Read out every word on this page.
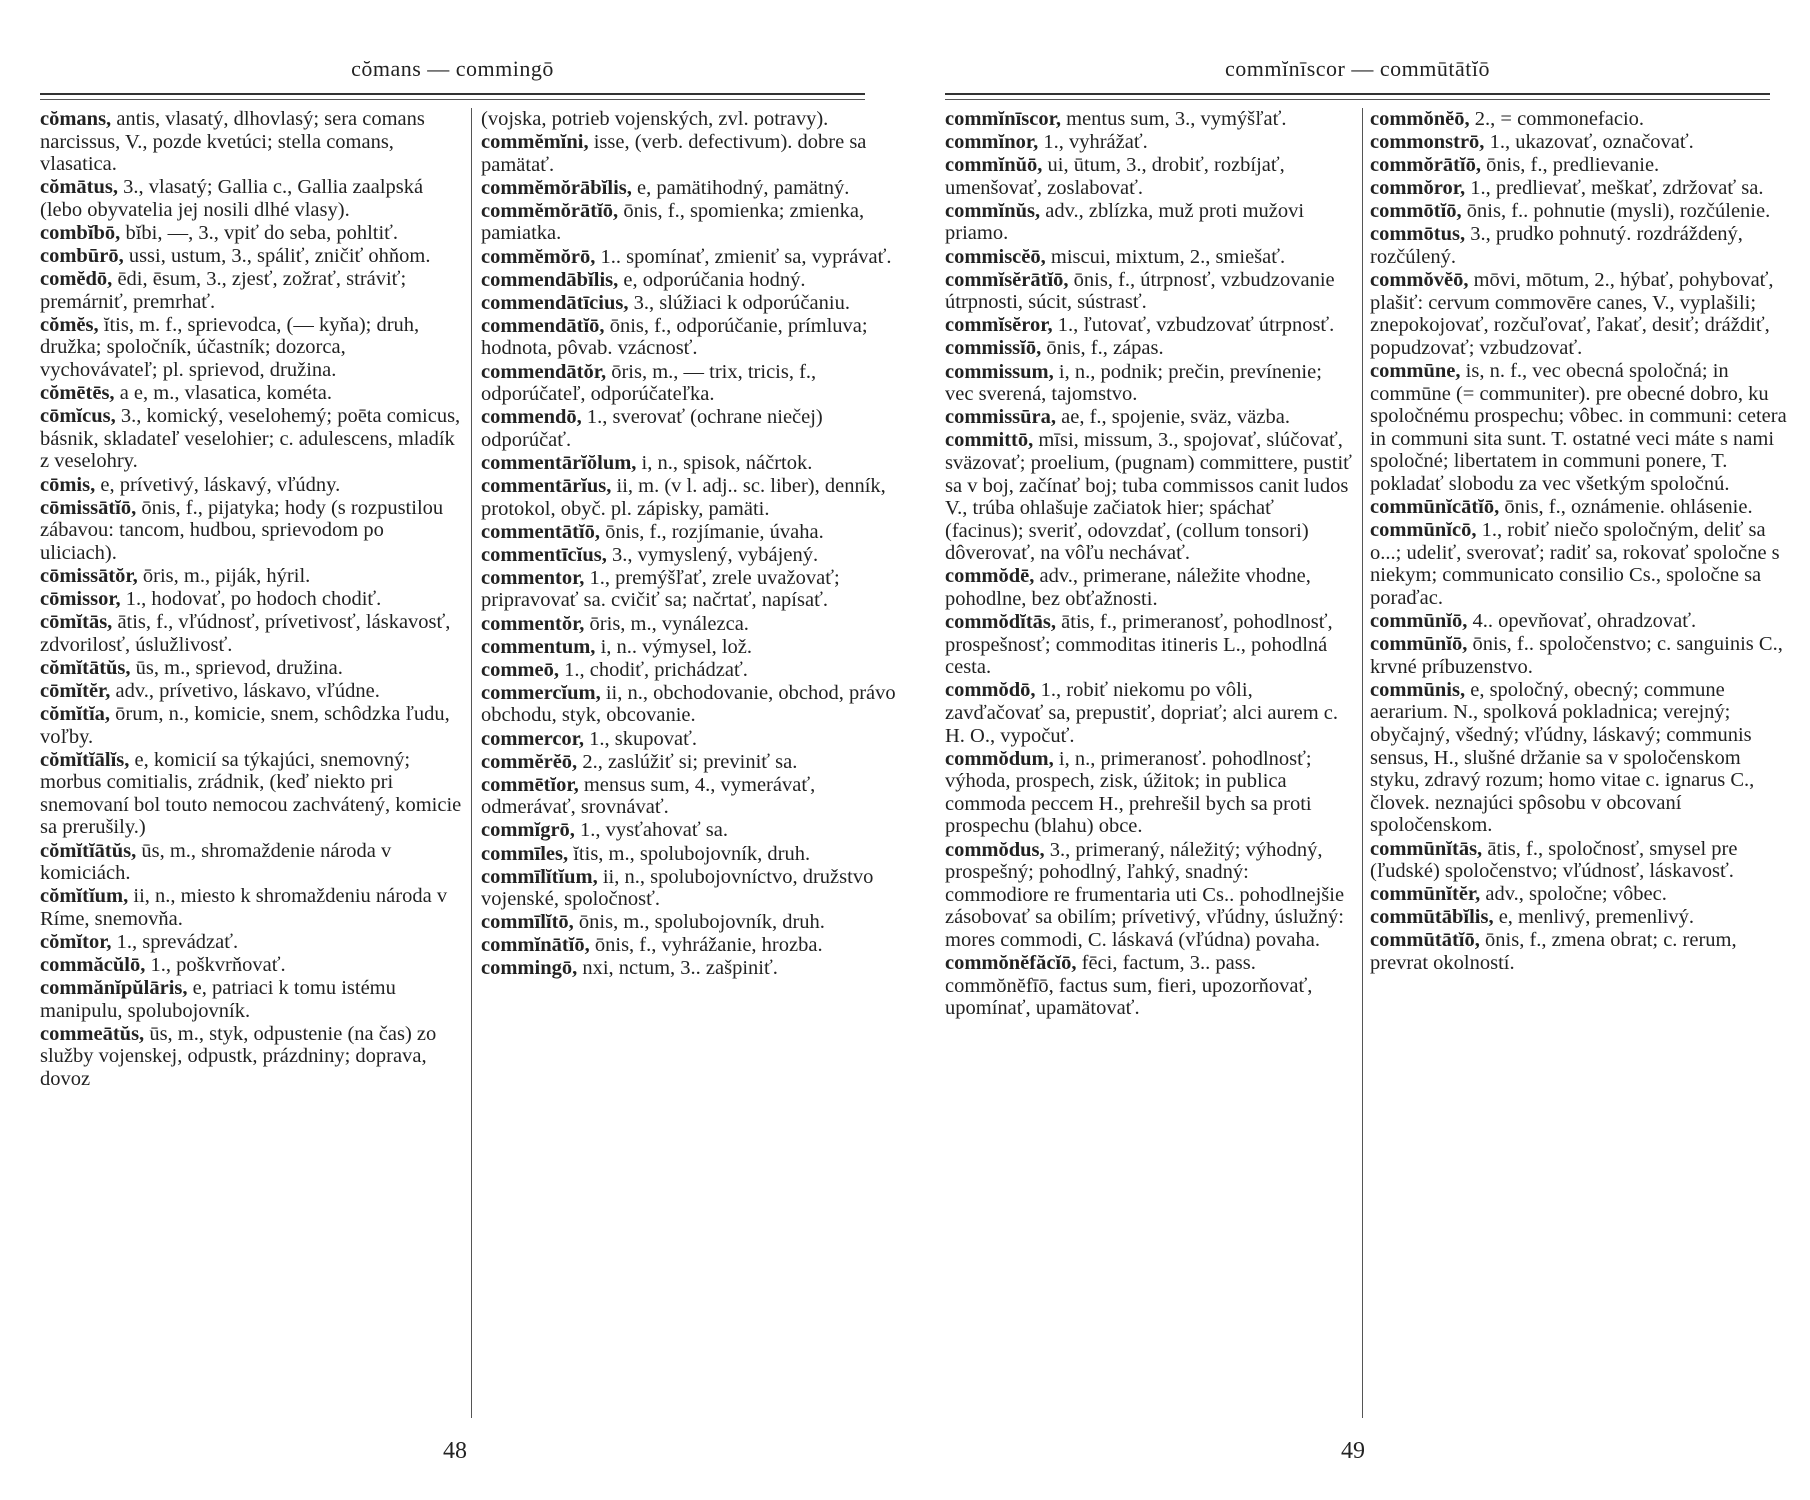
cŏmans — commingō
cŏmans, antis, vlasatý, dlhovlasý; sera comans narcissus, V., pozde kvetúci; stella comans, vlasatica.
cŏmātus, 3., vlasatý; Gallia c., Gallia zaalpská (lebo obyvatelia jej nosili dlhé vlasy).
combĭbō, bĭbi, —, 3., vpiť do seba, pohltiť.
combūrō, ussi, ustum, 3., spáliť, zničiť ohňom.
comĕdō, ēdi, ēsum, 3., zjesť, zožrať, stráviť; premárniť, premrhať.
cŏmĕs, ĭtis, m. f., sprievodca, (— kyňa); druh, družka; spoločník, účastník; dozorca, vychovávateľ; pl. sprievod, družina.
cŏmētēs, a e, m., vlasatica, kométa.
cōmĭcus, 3., komický, veselohemý; poēta comicus, básnik, skladateľ veselohier; c. adulescens, mladík z veselohry.
cōmis, e, prívetivý, láskavý, vľúdny.
cōmissātĭō, ōnis, f., pijatyka; hody (s rozpustilou zábavou: tancom, hudbou, sprievodom po uliciach).
cōmissātŏr, ōris, m., piják, hýril.
cōmissor, 1., hodovať, po hodoch chodiť.
cōmĭtās, ātis, f., vľúdnosť, prívetivosť, láskavosť, zdvorilosť, úslužlivosť.
cŏmĭtātŭs, ūs, m., sprievod, družina.
cōmĭtĕr, adv., prívetivo, láskavo, vľúdne.
cŏmĭtĭa, ōrum, n., komicie, snem, schôdzka ľudu, voľby.
cŏmĭtĭālĭs, e, komicií sa týkajúci, snemovný; morbus comitialis, zrádnik, (keď niekto pri snemovaní bol touto nemocou zachvátený, komicie sa prerušily.)
cŏmĭtĭātŭs, ūs, m., shromaždenie národa v komiciách.
cŏmĭtĭum, ii, n., miesto k shromaždeniu národa v Ríme, snemovňa.
cŏmĭtor, 1., sprevádzať.
commăcŭlō, 1., poškvrňovať.
commănĭpŭlāris, e, patriaci k tomu istému manipulu, spolubojovník.
commeātŭs, ūs, m., styk, odpustenie (na čas) zo služby vojenskej, odpustk, prázdniny; doprava, dovoz
(vojska, potrieb vojenských, zvl. potravy).
commĕmĭni, isse, (verb. defectivum). dobre sa pamätať.
commĕmŏrābĭlis, e, pamätihodný, pamätný.
commĕmŏrātĭō, ōnis, f., spomienka; zmienka, pamiatka.
commĕmŏrō, 1.. spomínať, zmieniť sa, vyprávať.
commendābĭlis, e, odporúčania hodný.
commendātīcius, 3., slúžiaci k odporúčaniu.
commendātĭō, ōnis, f., odporúčanie, prímluva; hodnota, pôvab. vzácnosť.
commendātŏr, ōris, m., — trix, tricis, f., odporúčateľ, odporúčateľka.
commendō, 1., sverovať (ochrane niečej) odporúčať.
commentārĭŏlum, i, n., spisok, náčrtok.
commentārĭus, ii, m. (v l. adj.. sc. liber), denník, protokol, obyč. pl. zápisky, pamäti.
commentātĭō, ōnis, f., rozjímanie, úvaha.
commentīcĭus, 3., vymyslený, vybájený.
commentor, 1., premýšľať, zrele uvažovať; pripravovať sa. cvičiť sa; načrtať, napísať.
commentŏr, ōris, m., vynálezca.
commentum, i, n.. výmysel, lož.
commeō, 1., chodiť, prichádzať.
commercĭum, ii, n., obchodovanie, obchod, právo obchodu, styk, obcovanie.
commercor, 1., skupovať.
commĕrĕō, 2., zaslúžiť si; previniť sa.
commētĭor, mensus sum, 4., vymerávať, odmerávať, srovnávať.
commĭgrō, 1., vysťahovať sa.
commīles, ĭtis, m., spolubojovník, druh.
commīlĭtĭum, ii, n., spolubojovníctvo, družstvo vojenské, spoločnosť.
commīlĭtō, ōnis, m., spolubojovník, druh.
commĭnātĭō, ōnis, f., vyhrážanie, hrozba.
commingō, nxi, nctum, 3.. zašpiniť.
48
commĭnīscor — commūtātĭō
commĭnīscor, mentus sum, 3., vymýšľať.
commĭnor, 1., vyhrážať.
commĭnŭō, ui, ūtum, 3., drobiť, rozbíjať, umenšovať, zoslabovať.
commĭnŭs, adv., zblízka, muž proti mužovi priamo.
commiscĕō, miscui, mixtum, 2., smiešať.
commĭsĕrātĭō, ōnis, f., útrpnosť, vzbudzovanie útrpnosti, súcit, sústrasť.
commĭsĕror, 1., ľutovať, vzbudzovať útrpnosť.
commissĭō, ōnis, f., zápas.
commissum, i, n., podnik; prečin, prevínenie; vec sverená, tajomstvo.
commissūra, ae, f., spojenie, sväz, väzba.
committō, mīsi, missum, 3., spojovať, slúčovať, sväzovať; proelium, (pugnam) committere, pustiť sa v boj, začínať boj; tuba commissos canit ludos V., trúba ohlašuje začiatok hier; spáchať (facinus); sveriť, odovzdať, (collum tonsori) dôverovať, na vôľu nechávať.
commŏdē, adv., primerane, náležite vhodne, pohodlne, bez obťažnosti.
commŏdĭtās, ātis, f., primeranosť, pohodlnosť, prospešnosť; commoditas itineris L., pohodlná cesta.
commŏdō, 1., robiť niekomu po vôli, zavďačovať sa, prepustiť, dopriať; alci aurem c. H. O., vypočuť.
commŏdum, i, n., primeranosť. pohodlnosť; výhoda, prospech, zisk, úžitok; in publica commoda peccem H., prehrešil bych sa proti prospechu (blahu) obce.
commŏdus, 3., primeraný, náležitý; výhodný, prospešný; pohodlný, ľahký, snadný: commodiore re frumentaria uti Cs.. pohodlnejšie zásobovať sa obilím; prívetivý, vľúdny, úslužný: mores commodi, C. láskavá (vľúdna) povaha.
commŏnĕfăcĭō, fēci, factum, 3.. pass. commŏnĕfīō, factus sum, fieri, upozorňovať, upomínať, upamätovať.
commŏnĕō, 2., = commonefacio.
commonstrō, 1., ukazovať, označovať.
commŏrātĭō, ōnis, f., predlievanie.
commŏror, 1., predlievať, meškať, zdržovať sa.
commōtĭō, ōnis, f.. pohnutie (mysli), rozčúlenie.
commōtus, 3., prudko pohnutý. rozdráždený, rozčúlený.
commŏvĕō, mōvi, mōtum, 2., hýbať, pohybovať, plašiť: cervum commovēre canes, V., vyplašili; znepokojovať, rozčuľovať, ľakať, desiť; dráždiť, popudzovať; vzbudzovať.
commūne, is, n. f., vec obecná spoločná; in commūne (= communiter). pre obecné dobro, ku spoločnému prospechu; vôbec. in communi: cetera in communi sita sunt. T. ostatné veci máte s nami spoločné; libertatem in communi ponere, T. pokladať slobodu za vec všetkým spoločnú.
commūnĭcātĭō, ōnis, f., oznámenie. ohlásenie.
commūnĭcō, 1., robiť niečo spoločným, deliť sa o...; udeliť, sverovať; radiť sa, rokovať spoločne s niekym; communicato consilio Cs., spoločne sa poraďac.
commūnĭō, 4.. opevňovať, ohradzovať.
commūnĭō, ōnis, f.. spoločenstvo; c. sanguinis C., krvné príbuzenstvo.
commūnis, e, spoločný, obecný; commune aerarium. N., spolková pokladnica; verejný; obyčajný, všedný; vľúdny, láskavý; communis sensus, H., slušné držanie sa v spoločenskom styku, zdravý rozum; homo vitae c. ignarus C., človek. neznajúci spôsobu v obcovaní spoločenskom.
commūnĭtās, ātis, f., spoločnosť, smysel pre (ľudské) spoločenstvo; vľúdnosť, láskavosť.
commūnĭtĕr, adv., spoločne; vôbec.
commūtābĭlis, e, menlivý, premenlivý.
commūtātĭō, ōnis, f., zmena obrat; c. rerum, prevrat okolností.
49
